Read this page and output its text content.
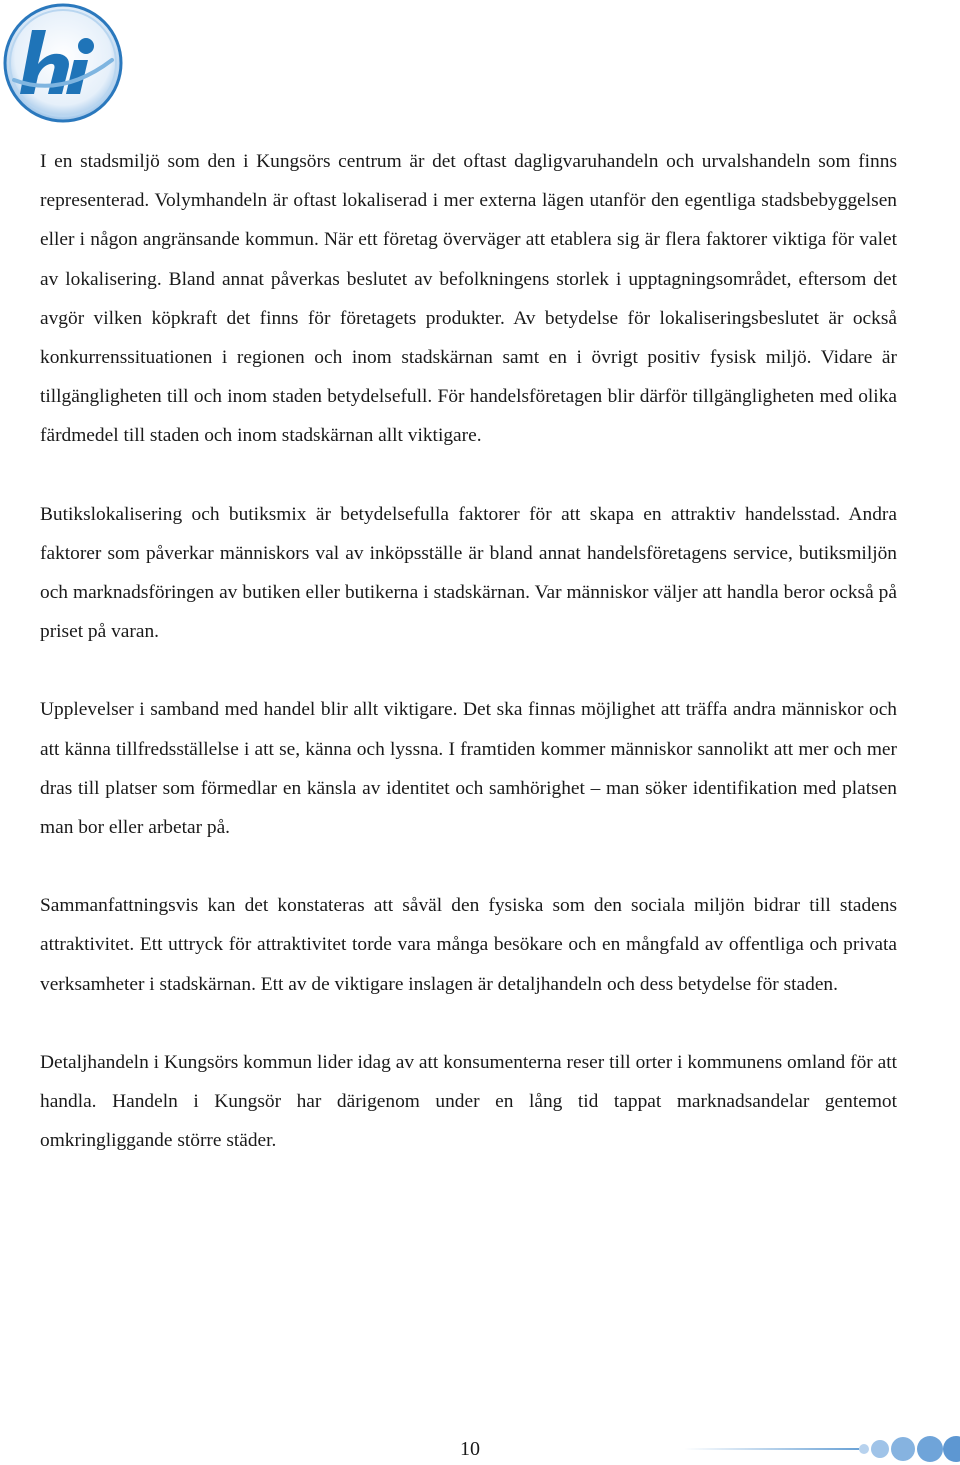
I en stadsmiljö som den i Kungsörs centrum är det oftast dagligvaruhandeln och urvalshandeln som finns representerad. Volymhandeln är oftast lokaliserad i mer externa lägen utanför den egentliga stadsbebyggelsen eller i någon angränsande kommun. När ett företag överväger att etablera sig är flera faktorer viktiga för valet av lokalisering. Bland annat påverkas beslutet av befolkningens storlek i upptagningsområdet, eftersom det avgör vilken köpkraft det finns för företagets produkter. Av betydelse för lokaliseringsbeslutet är också konkurrenssituationen i regionen och inom stadskärnan samt en i övrigt positiv fysisk miljö. Vidare är tillgängligheten till och inom staden betydelsefull. För handelsföretagen blir därför tillgängligheten med olika färdmedel till staden och inom stadskärnan allt viktigare.

Butikslokalisering och butiksmix är betydelsefulla faktorer för att skapa en attraktiv handelsstad. Andra faktorer som påverkar människors val av inköpsställe är bland annat handelsföretagens service, butiksmiljön och marknadsföringen av butiken eller butikerna i stadskärnan. Var människor väljer att handla beror också på priset på varan.

Upplevelser i samband med handel blir allt viktigare. Det ska finnas möjlighet att träffa andra människor och att känna tillfredsställelse i att se, känna och lyssna. I framtiden kommer människor sannolikt att mer och mer dras till platser som förmedlar en känsla av identitet och samhörighet – man söker identifikation med platsen man bor eller arbetar på.

Sammanfattningsvis kan det konstateras att såväl den fysiska som den sociala miljön bidrar till stadens attraktivitet. Ett uttryck för attraktivitet torde vara många besökare och en mångfald av offentliga och privata verksamheter i stadskärnan. Ett av de viktigare inslagen är detaljhandeln och dess betydelse för staden.

Detaljhandeln i Kungsörs kommun lider idag av att konsumenterna reser till orter i kommunens omland för att handla. Handeln i Kungsör har därigenom under en lång tid tappat marknadsandelar gentemot omkringliggande större städer.

10
